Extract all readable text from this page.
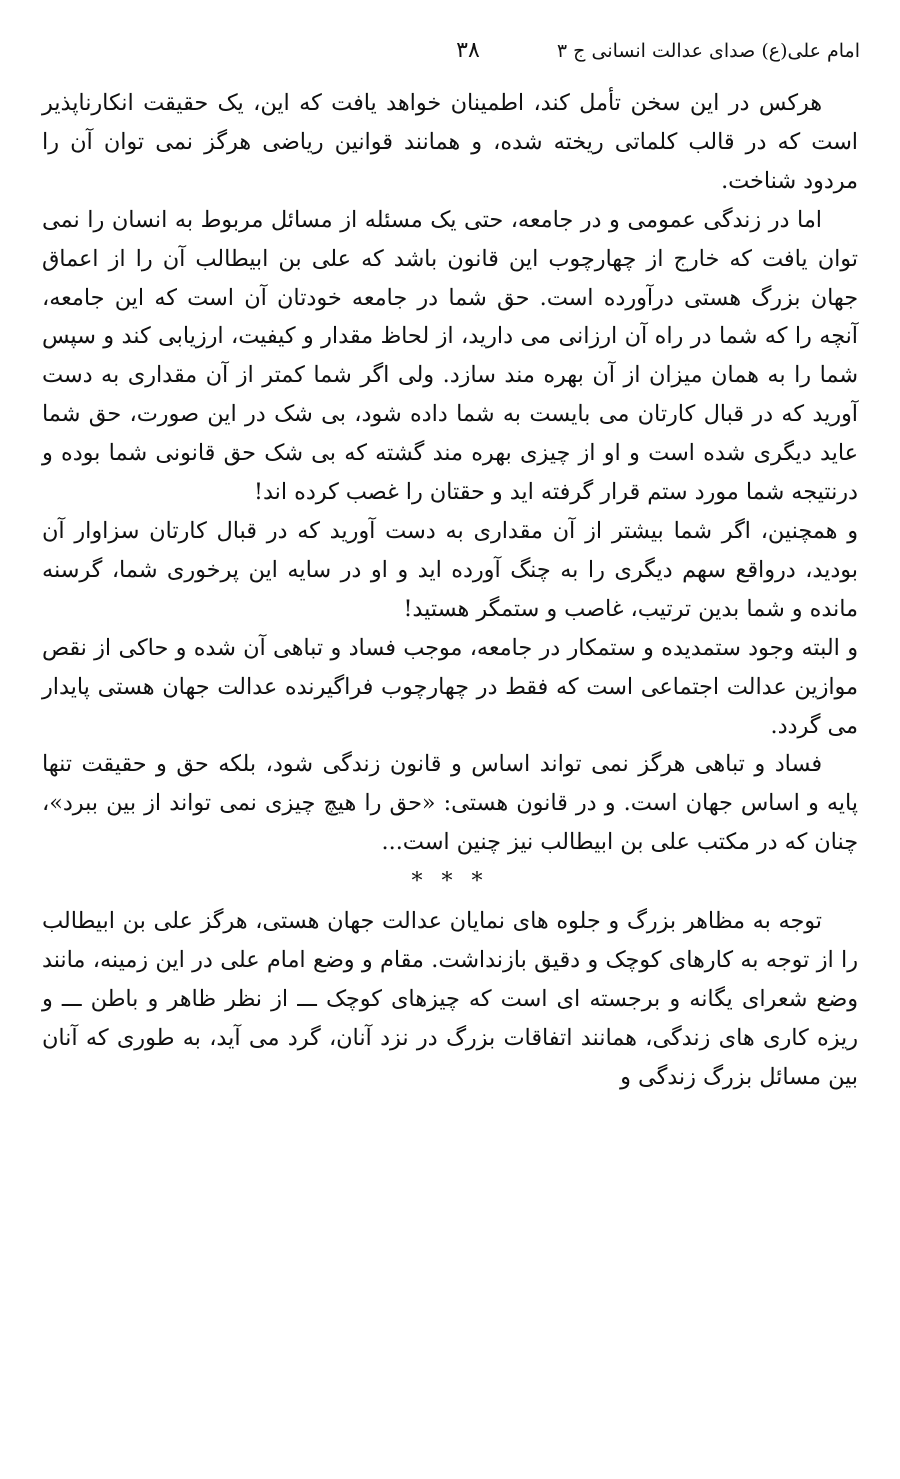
امام علی(ع) صدای عدالت انسانی ج ۳
۳۸

هرکس در این سخن تأمل کند، اطمینان خواهد یافت که این، یک حقیقت انکارناپذیر است که در قالب کلماتی ریخته شده، و همانند قوانین ریاضی هرگز نمی توان آن را مردود شناخت.

اما در زندگی عمومی و در جامعه، حتی یک مسئله از مسائل مربوط به انسان را نمی توان یافت که خارج از چهارچوب این قانون باشد که علی بن ابیطالب آن را از اعماق جهان بزرگ هستی درآورده است. حق شما در جامعه خودتان آن است که این جامعه، آنچه را که شما در راه آن ارزانی می دارید، از لحاظ مقدار و کیفیت، ارزیابی کند و سپس شما را به همان میزان از آن بهره مند سازد. ولی اگر شما کمتر از آن مقداری به دست آورید که در قبال کارتان می بایست به شما داده شود، بی شک در این صورت، حق شما عاید دیگری شده است و او از چیزی بهره مند گشته که بی شک حق قانونی شما بوده و درنتیجه شما مورد ستم قرار گرفته اید و حقتان را غصب کرده اند!

و همچنین، اگر شما بیشتر از آن مقداری به دست آورید که در قبال کارتان سزاوار آن بودید، درواقع سهم دیگری را به چنگ آورده اید و او در سایه این پرخوری شما، گرسنه مانده و شما بدین ترتیب، غاصب و ستمگر هستید!

و البته وجود ستمدیده و ستمکار در جامعه، موجب فساد و تباهی آن شده و حاکی از نقص موازین عدالت اجتماعی است که فقط در چهارچوب فراگیرنده عدالت جهان هستی پایدار می گردد.

فساد و تباهی هرگز نمی تواند اساس و قانون زندگی شود، بلکه حق و حقیقت تنها پایه و اساس جهان است. و در قانون هستی: «حق را هیچ چیزی نمی تواند از بین ببرد»، چنان که در مکتب علی بن ابیطالب نیز چنین است...

* * *

توجه به مظاهر بزرگ و جلوه های نمایان عدالت جهان هستی، هرگز علی بن ابیطالب را از توجه به کارهای کوچک و دقیق بازنداشت. مقام و وضع امام علی در این زمینه، مانند وضع شعرای یگانه و برجسته ای است که چیزهای کوچک ـــ از نظر ظاهر و باطن ـــ و ریزه کاری های زندگی، همانند اتفاقات بزرگ در نزد آنان، گرد می آید، به طوری که آنان بین مسائل بزرگ زندگی و
